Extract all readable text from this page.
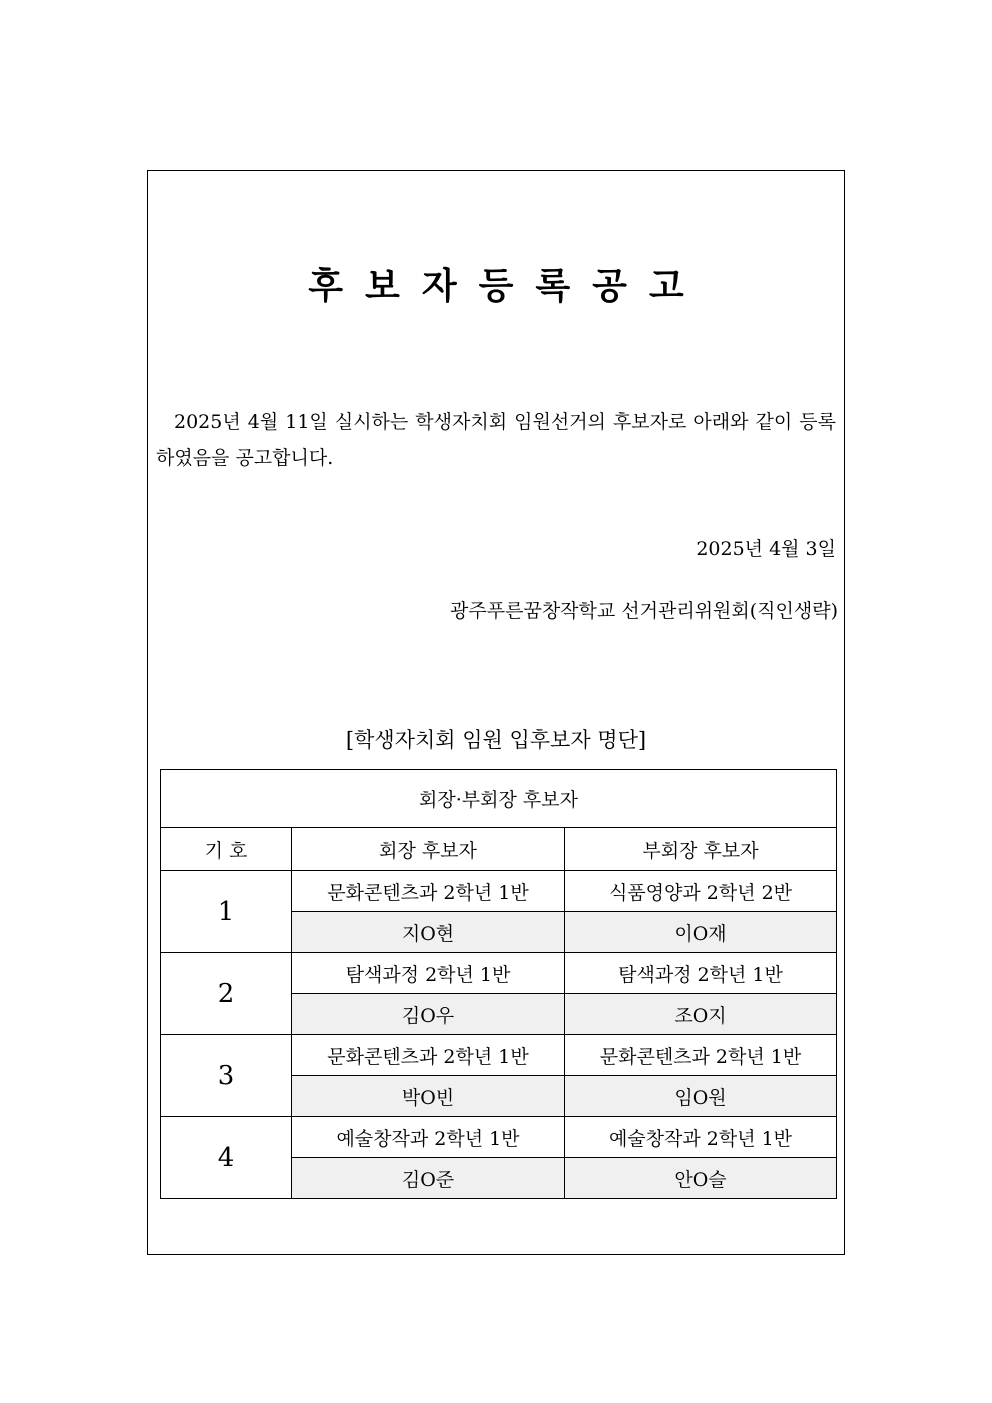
후보자등록공고
2025년 4월 11일 실시하는 학생자치회 임원선거의 후보자로 아래와 같이 등록하였음을 공고합니다.
2025년 4월 3일
광주푸른꿈창작학교 선거관리위원회(직인생략)
[학생자치회 임원 입후보자 명단]
회장·부회장 후보자		
기 호	회장 후보자	부회장 후보자
1	문화콘텐츠과 2학년 1반	식품영양과 2학년 2반
	지O현	이O재
2	탐색과정 2학년 1반	탐색과정 2학년 1반
	김O우	조O지
3	문화콘텐츠과 2학년 1반	문화콘텐츠과 2학년 1반
	박O빈	임O원
4	예술창작과 2학년 1반	예술창작과 2학년 1반
	김O준	안O슬
